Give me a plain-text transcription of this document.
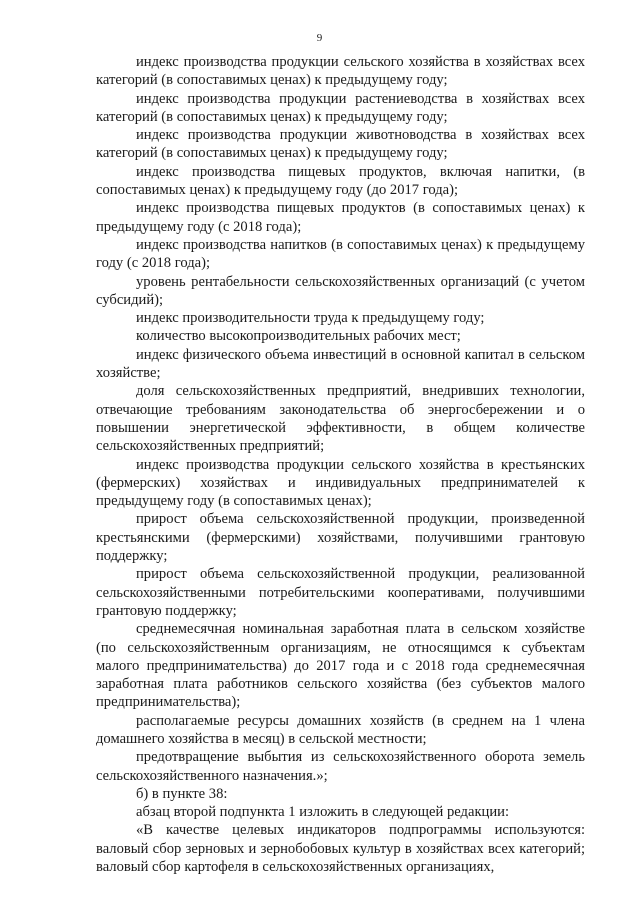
9

индекс производства продукции сельского хозяйства в хозяйствах всех категорий (в сопоставимых ценах) к предыдущему году;

индекс производства продукции растениеводства в хозяйствах всех категорий (в сопоставимых ценах) к предыдущему году;

индекс производства продукции животноводства в хозяйствах всех категорий (в сопоставимых ценах) к предыдущему году;

индекс производства пищевых продуктов, включая напитки, (в сопоставимых ценах) к предыдущему году (до 2017 года);

индекс производства пищевых продуктов (в сопоставимых ценах) к предыдущему году (с 2018 года);

индекс производства напитков (в сопоставимых ценах) к предыдущему году (с 2018 года);

уровень рентабельности сельскохозяйственных организаций (с учетом субсидий);

индекс производительности труда к предыдущему году;

количество высокопроизводительных рабочих мест;

индекс физического объема инвестиций в основной капитал в сельском хозяйстве;

доля сельскохозяйственных предприятий, внедривших технологии, отвечающие требованиям законодательства об энергосбережении и о повышении энергетической эффективности, в общем количестве сельскохозяйственных предприятий;

индекс производства продукции сельского хозяйства в крестьянских (фермерских) хозяйствах и индивидуальных предпринимателей к предыдущему году (в сопоставимых ценах);

прирост объема сельскохозяйственной продукции, произведенной крестьянскими (фермерскими) хозяйствами, получившими грантовую поддержку;

прирост объема сельскохозяйственной продукции, реализованной сельскохозяйственными потребительскими кооперативами, получившими грантовую поддержку;

среднемесячная номинальная заработная плата в сельском хозяйстве (по сельскохозяйственным организациям, не относящимся к субъектам малого предпринимательства) до 2017 года и с 2018 года среднемесячная заработная плата работников сельского хозяйства (без субъектов малого предпринимательства);

располагаемые ресурсы домашних хозяйств (в среднем на 1 члена домашнего хозяйства в месяц) в сельской местности;

предотвращение выбытия из сельскохозяйственного оборота земель сельскохозяйственного назначения.»;

б) в пункте 38:

абзац второй подпункта 1 изложить в следующей редакции:

«В качестве целевых индикаторов подпрограммы используются: валовый сбор зерновых и зернобобовых культур в хозяйствах всех категорий; валовый сбор картофеля в сельскохозяйственных организациях,
